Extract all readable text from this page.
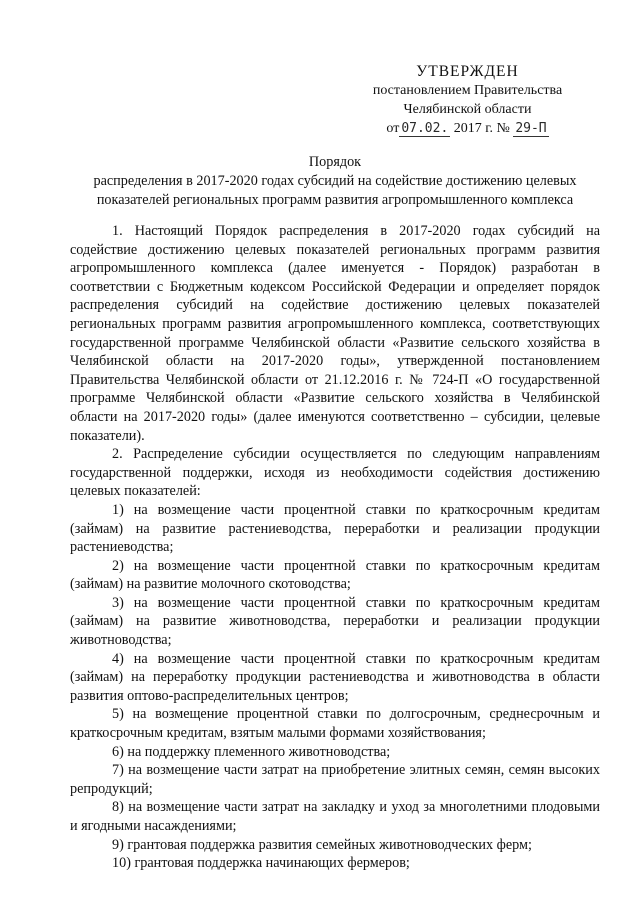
УТВЕРЖДЕН
постановлением Правительства
Челябинской области
от 07.02. 2017 г. № 29-П
Порядок
распределения в 2017-2020 годах субсидий на содействие достижению целевых
показателей региональных программ развития агропромышленного комплекса

1. Настоящий Порядок распределения в 2017-2020 годах субсидий на содействие достижению целевых показателей региональных программ развития агропромышленного комплекса (далее именуется - Порядок) разработан в соответствии с Бюджетным кодексом Российской Федерации и определяет порядок распределения субсидий на содействие достижению целевых показателей региональных программ развития агропромышленного комплекса, соответствующих государственной программе Челябинской области «Развитие сельского хозяйства в Челябинской области на 2017-2020 годы», утвержденной постановлением Правительства Челябинской области от 21.12.2016 г. № 724-П «О государственной программе Челябинской области «Развитие сельского хозяйства в Челябинской области на 2017-2020 годы» (далее именуются соответственно – субсидии, целевые показатели).

2. Распределение субсидии осуществляется по следующим направлениям государственной поддержки, исходя из необходимости содействия достижению целевых показателей:

1) на возмещение части процентной ставки по краткосрочным кредитам (займам) на развитие растениеводства, переработки и реализации продукции растениеводства;

2) на возмещение части процентной ставки по краткосрочным кредитам (займам) на развитие молочного скотоводства;

3) на возмещение части процентной ставки по краткосрочным кредитам (займам) на развитие животноводства, переработки и реализации продукции животноводства;

4) на возмещение части процентной ставки по краткосрочным кредитам (займам) на переработку продукции растениеводства и животноводства в области развития оптово-распределительных центров;

5) на возмещение процентной ставки по долгосрочным, среднесрочным и краткосрочным кредитам, взятым малыми формами хозяйствования;

6) на поддержку племенного животноводства;

7) на возмещение части затрат на приобретение элитных семян, семян высоких репродукций;

8) на возмещение части затрат на закладку и уход за многолетними плодовыми и ягодными насаждениями;

9) грантовая поддержка развития семейных животноводческих ферм;

10) грантовая поддержка начинающих фермеров;
